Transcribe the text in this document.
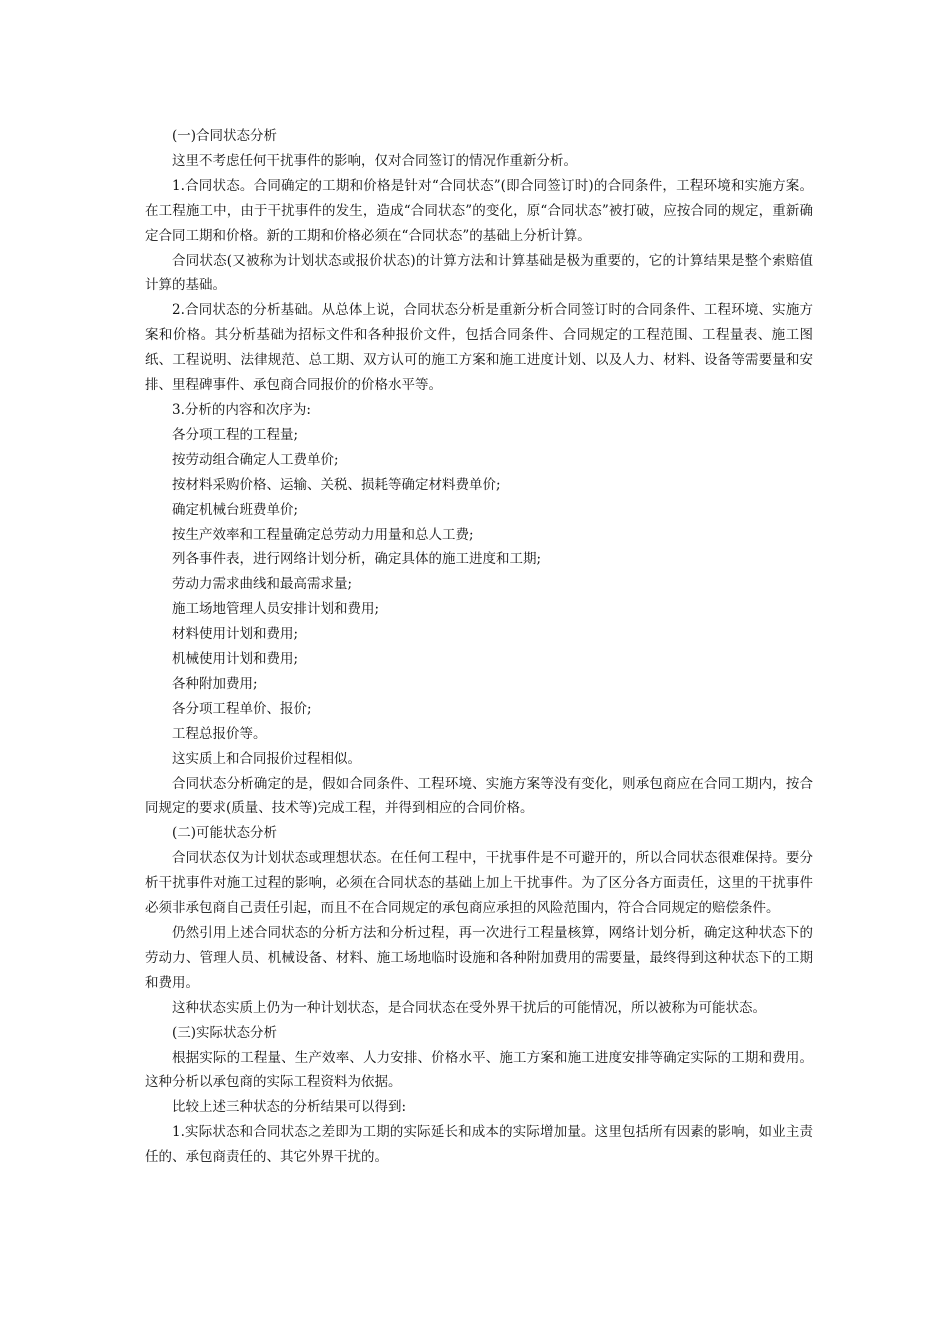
(一)合同状态分析

这里不考虑任何干扰事件的影响，仅对合同签订的情况作重新分析。

1.合同状态。合同确定的工期和价格是针对“合同状态”(即合同签订时)的合同条件，工程环境和实施方案。在工程施工中，由于干扰事件的发生，造成“合同状态”的变化，原“合同状态”被打破，应按合同的规定，重新确定合同工期和价格。新的工期和价格必须在“合同状态”的基础上分析计算。

合同状态(又被称为计划状态或报价状态)的计算方法和计算基础是极为重要的，它的计算结果是整个索赔值计算的基础。

2.合同状态的分析基础。从总体上说，合同状态分析是重新分析合同签订时的合同条件、工程环境、实施方案和价格。其分析基础为招标文件和各种报价文件，包括合同条件、合同规定的工程范围、工程量表、施工图纸、工程说明、法律规范、总工期、双方认可的施工方案和施工进度计划、以及人力、材料、设备等需要量和安排、里程碑事件、承包商合同报价的价格水平等。

3.分析的内容和次序为:

各分项工程的工程量;

按劳动组合确定人工费单价;

按材料采购价格、运输、关税、损耗等确定材料费单价;

确定机械台班费单价;

按生产效率和工程量确定总劳动力用量和总人工费;

列各事件表，进行网络计划分析，确定具体的施工进度和工期;

劳动力需求曲线和最高需求量;

施工场地管理人员安排计划和费用;

材料使用计划和费用;

机械使用计划和费用;

各种附加费用;

各分项工程单价、报价;

工程总报价等。

这实质上和合同报价过程相似。

合同状态分析确定的是，假如合同条件、工程环境、实施方案等没有变化，则承包商应在合同工期内，按合同规定的要求(质量、技术等)完成工程，并得到相应的合同价格。

(二)可能状态分析

合同状态仅为计划状态或理想状态。在任何工程中，干扰事件是不可避开的，所以合同状态很难保持。要分析干扰事件对施工过程的影响，必须在合同状态的基础上加上干扰事件。为了区分各方面责任，这里的干扰事件必须非承包商自己责任引起，而且不在合同规定的承包商应承担的风险范围内，符合合同规定的赔偿条件。

仍然引用上述合同状态的分析方法和分析过程，再一次进行工程量核算，网络计划分析，确定这种状态下的劳动力、管理人员、机械设备、材料、施工场地临时设施和各种附加费用的需要量，最终得到这种状态下的工期和费用。

这种状态实质上仍为一种计划状态，是合同状态在受外界干扰后的可能情况，所以被称为可能状态。

(三)实际状态分析

根据实际的工程量、生产效率、人力安排、价格水平、施工方案和施工进度安排等确定实际的工期和费用。这种分析以承包商的实际工程资料为依据。

比较上述三种状态的分析结果可以得到:

1.实际状态和合同状态之差即为工期的实际延长和成本的实际增加量。这里包括所有因素的影响，如业主责任的、承包商责任的、其它外界干扰的。
